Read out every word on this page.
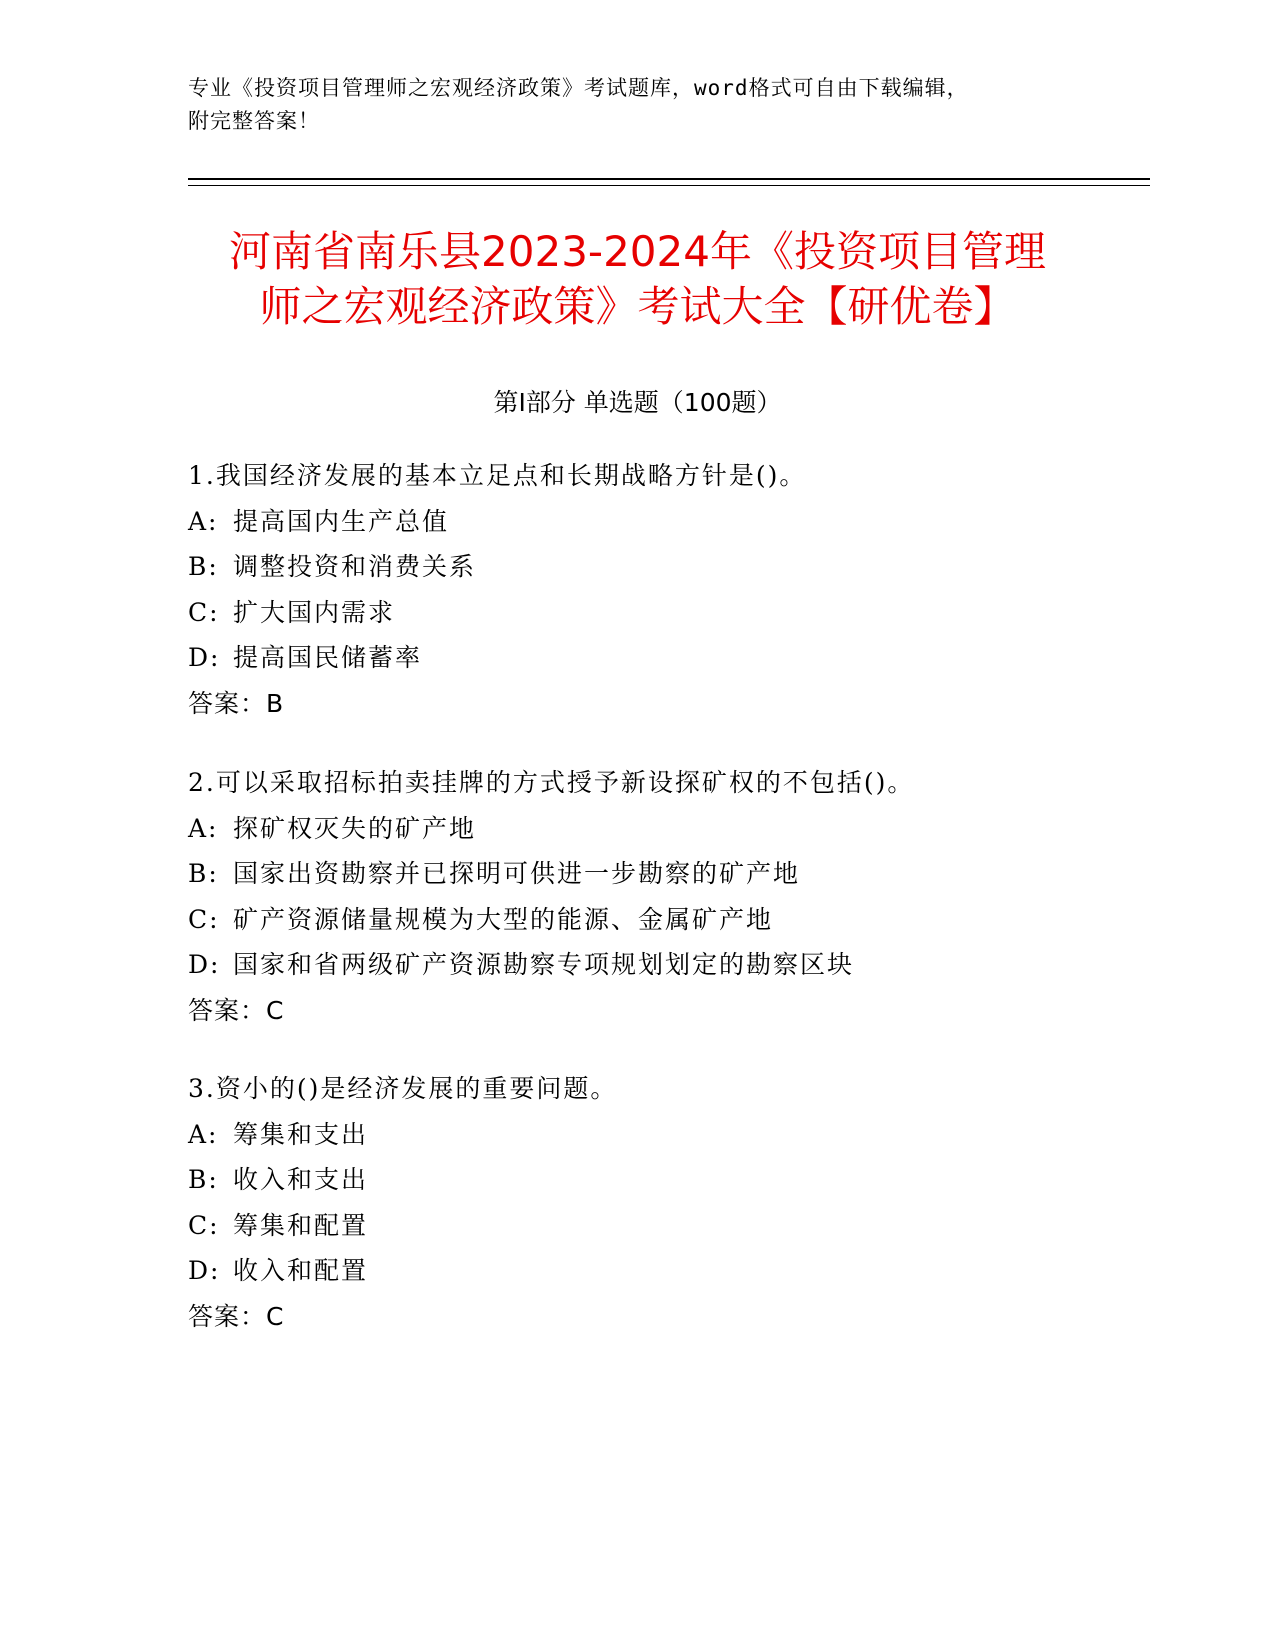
专业《投资项目管理师之宏观经济政策》考试题库，word格式可自由下载编辑，
附完整答案！
河南省南乐县2023-2024年《投资项目管理
师之宏观经济政策》考试大全【研优卷】
第Ⅰ部分 单选题（100题）
1.我国经济发展的基本立足点和长期战略方针是()。
A: 提高国内生产总值
B: 调整投资和消费关系
C: 扩大国内需求
D: 提高国民储蓄率
答案：B
2.可以采取招标拍卖挂牌的方式授予新设探矿权的不包括()。
A: 探矿权灭失的矿产地
B: 国家出资勘察并已探明可供进一步勘察的矿产地
C: 矿产资源储量规模为大型的能源、金属矿产地
D: 国家和省两级矿产资源勘察专项规划划定的勘察区块
答案：C
3.资小的()是经济发展的重要问题。
A: 筹集和支出
B: 收入和支出
C: 筹集和配置
D: 收入和配置
答案：C
